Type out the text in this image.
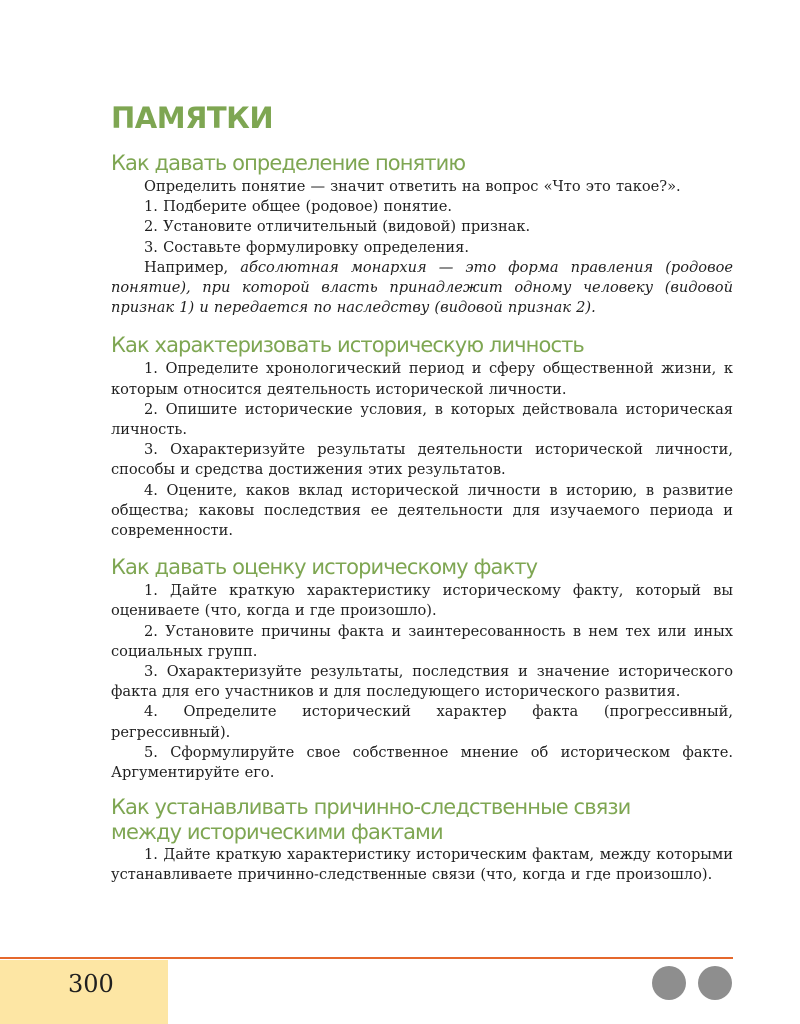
ПАМЯТКИ
Как давать определение понятию

Определить понятие — значит ответить на вопрос «Что это такое?».

1. Подберите общее (родовое) понятие.

2. Установите отличительный (видовой) признак.

3. Составьте формулировку определения.

Например, абсолютная монархия — это форма правления (родовое понятие), при которой власть принадлежит одному человеку (видовой признак 1) и передается по наследству (видовой признак 2).

Как характеризовать историческую личность

1. Определите хронологический период и сферу общественной жизни, к которым относится деятельность исторической личности.

2. Опишите исторические условия, в которых действовала историческая личность.

3. Охарактеризуйте результаты деятельности исторической личности, способы и средства достижения этих результатов.

4. Оцените, каков вклад исторической личности в историю, в развитие общества; каковы последствия ее деятельности для изучаемого периода и современности.

Как давать оценку историческому факту

1. Дайте краткую характеристику историческому факту, который вы оцениваете (что, когда и где произошло).

2. Установите причины факта и заинтересованность в нем тех или иных социальных групп.

3. Охарактеризуйте результаты, последствия и значение исторического факта для его участников и для последующего исторического развития.

4. Определите исторический характер факта (прогрессивный, регрессивный).

5. Сформулируйте свое собственное мнение об историческом факте. Аргументируйте его.

Как устанавливать причинно-следственные связи
между историческими фактами

1. Дайте краткую характеристику историческим фактам, между которыми устанавливаете причинно-следственные связи (что, когда и где произошло).

300
